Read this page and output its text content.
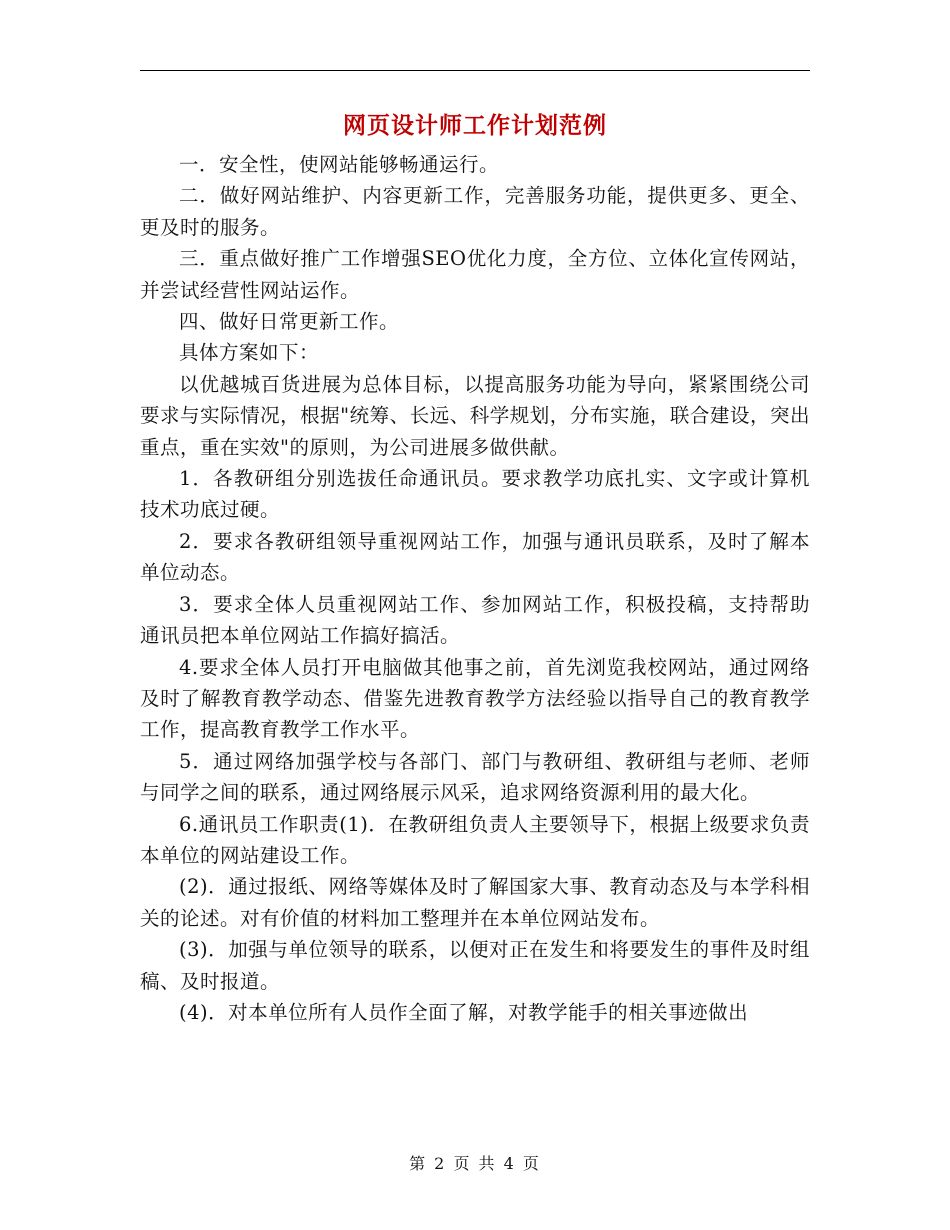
网页设计师工作计划范例

一．安全性，使网站能够畅通运行。

二．做好网站维护、内容更新工作，完善服务功能，提供更多、更全、更及时的服务。

三．重点做好推广工作增强SEO优化力度，全方位、立体化宣传网站，并尝试经营性网站运作。

四、做好日常更新工作。

具体方案如下：

以优越城百货进展为总体目标，以提高服务功能为导向，紧紧围绕公司要求与实际情况，根据"统筹、长远、科学规划，分布实施，联合建设，突出重点，重在实效"的原则，为公司进展多做供献。

1．各教研组分别选拔任命通讯员。要求教学功底扎实、文字或计算机技术功底过硬。

2．要求各教研组领导重视网站工作，加强与通讯员联系，及时了解本单位动态。

3．要求全体人员重视网站工作、参加网站工作，积极投稿，支持帮助通讯员把本单位网站工作搞好搞活。

4.要求全体人员打开电脑做其他事之前，首先浏览我校网站，通过网络及时了解教育教学动态、借鉴先进教育教学方法经验以指导自己的教育教学工作，提高教育教学工作水平。

5．通过网络加强学校与各部门、部门与教研组、教研组与老师、老师与同学之间的联系，通过网络展示风采，追求网络资源利用的最大化。

6.通讯员工作职责(1)．在教研组负责人主要领导下，根据上级要求负责本单位的网站建设工作。

(2)．通过报纸、网络等媒体及时了解国家大事、教育动态及与本学科相关的论述。对有价值的材料加工整理并在本单位网站发布。

(3)．加强与单位领导的联系，以便对正在发生和将要发生的事件及时组稿、及时报道。

(4)．对本单位所有人员作全面了解，对教学能手的相关事迹做出

第 2 页 共 4 页
